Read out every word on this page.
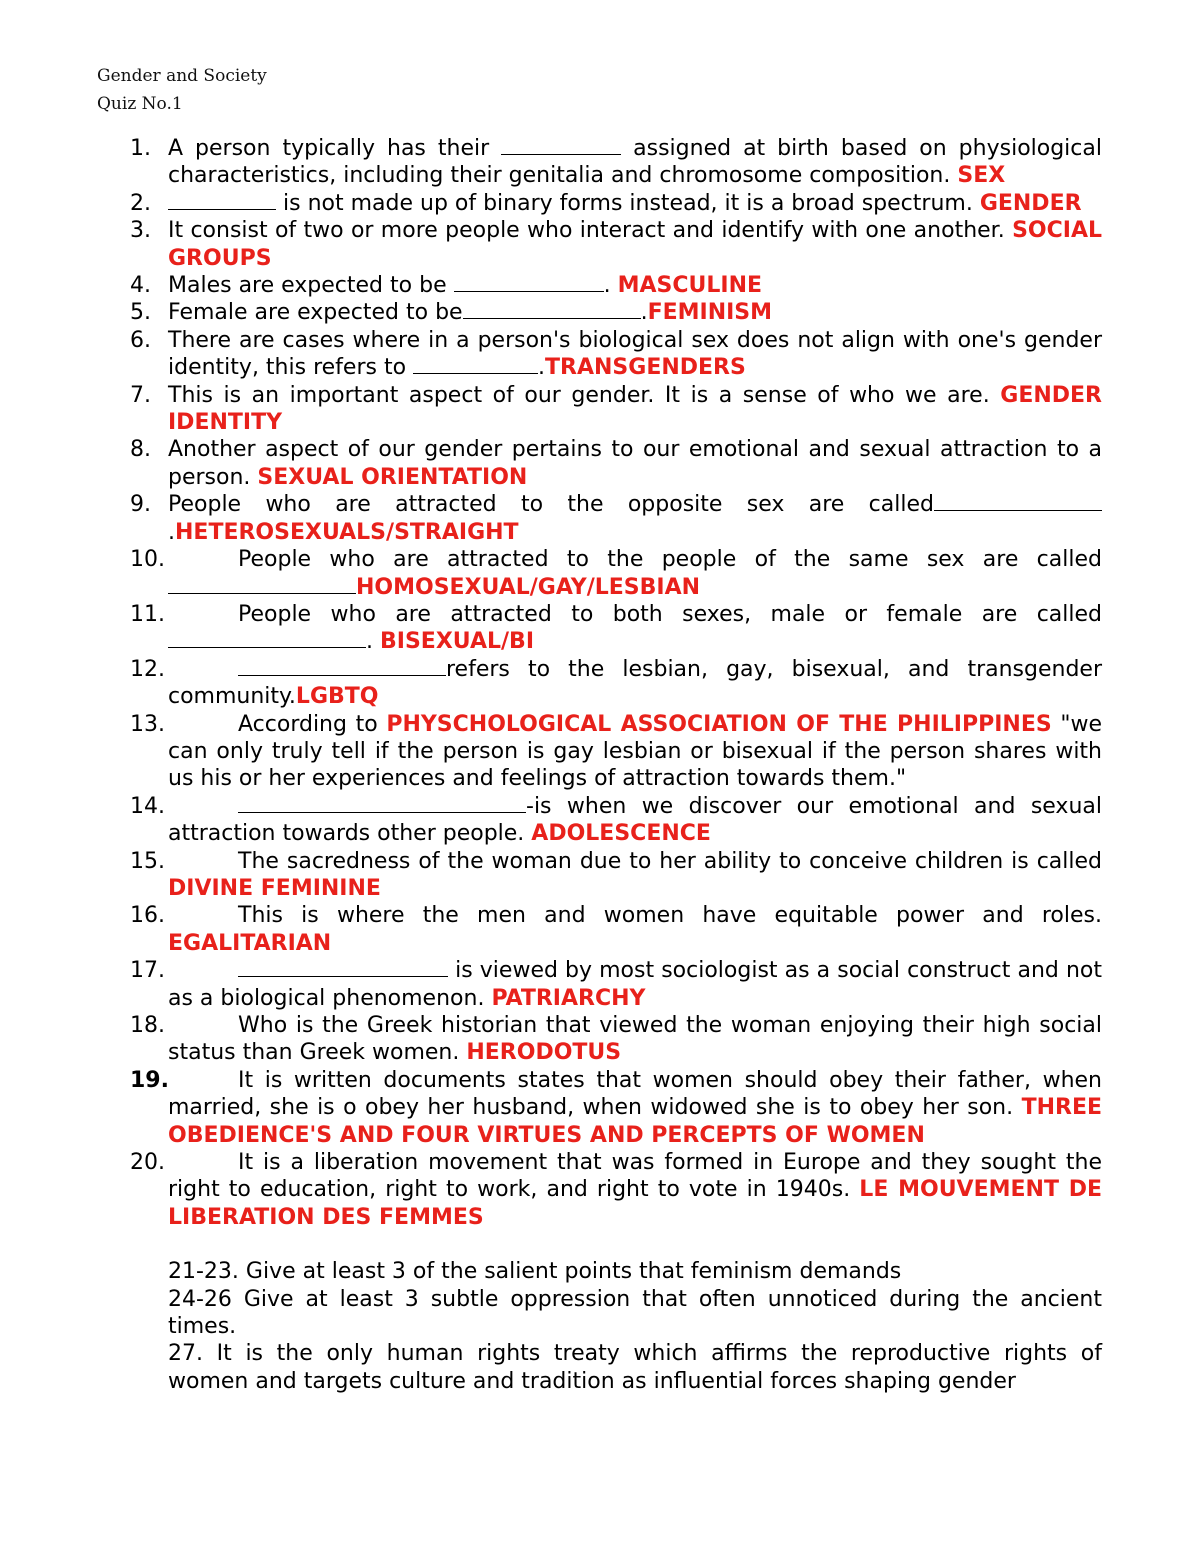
Gender and Society
Quiz No.1
1. A person typically has their	assigned at birth based on physiological characteristics, including their genitalia and chromosome composition. SEX
2.	is not made up of binary forms instead, it is a broad spectrum. GENDER
3. It consist of two or more people who interact and identify with one another. SOCIAL GROUPS
4. Males are expected to be	. MASCULINE
5. Female are expected to be	.FEMINISM
6. There are cases where in a person's biological sex does not align with one's gender identity, this refers to	.TRANSGENDERS
7. This is an important aspect of our gender. It is a sense of who we are. GENDER IDENTITY
8. Another aspect of our gender pertains to our emotional and sexual attraction to a person. SEXUAL ORIENTATION
9. People who are attracted to the opposite sex are called.HETEROSEXUALS/STRAIGHT
10.	People who are attracted to the people of the same sex are called HOMOSEXUAL/GAY/LESBIAN
11.	People who are attracted to both sexes, male or female are called . BISEXUAL/BI
12.	refers to the lesbian, gay, bisexual, and transgender community.LGBTQ
13.	According to PHYSCHOLOGICAL ASSOCIATION OF THE PHILIPPINES "we can only truly tell if the person is gay lesbian or bisexual if the person shares with us his or her experiences and feelings of attraction towards them."
14.	-is when we discover our emotional and sexual attraction towards other people. ADOLESCENCE
15.	The sacredness of the woman due to her ability to conceive children is called DIVINE FEMININE
16.	This is where the men and women have equitable power and roles. EGALITARIAN
17.	is viewed by most sociologist as a social construct and not as a biological phenomenon. PATRIARCHY
18.	Who is the Greek historian that viewed the woman enjoying their high social status than Greek women. HERODOTUS
19.	It is written documents states that women should obey their father, when married, she is o obey her husband, when widowed she is to obey her son. THREE OBEDIENCE'S AND FOUR VIRTUES AND PERCEPTS OF WOMEN
20.	It is a liberation movement that was formed in Europe and they sought the right to education, right to work, and right to vote in 1940s. LE MOUVEMENT DE LIBERATION DES FEMMES
21-23. Give at least 3 of the salient points that feminism demands
24-26 Give at least 3 subtle oppression that often unnoticed during the ancient times.
27. It is the only human rights treaty which affirms the reproductive rights of women and targets culture and tradition as influential forces shaping gender
